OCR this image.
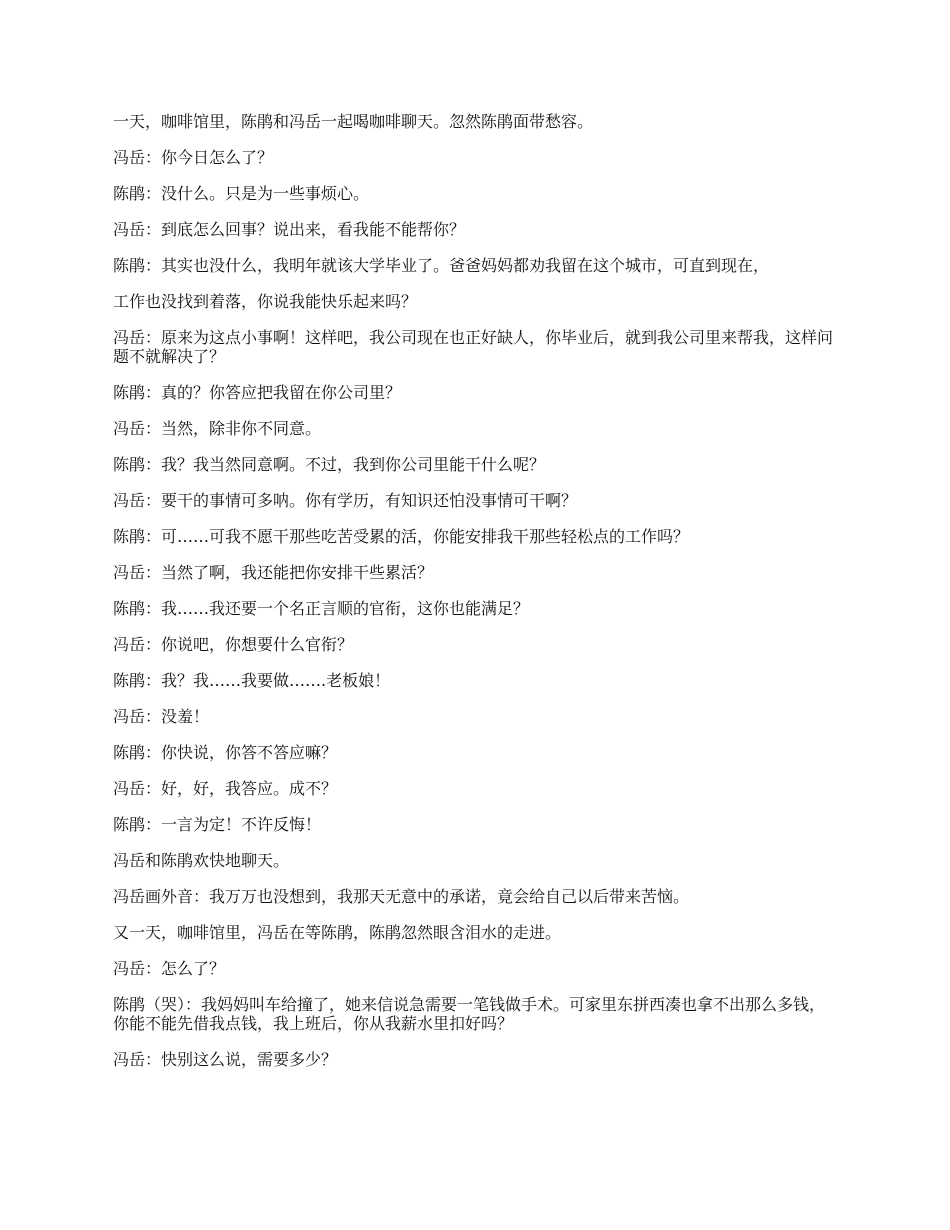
一天，咖啡馆里，陈鹃和冯岳一起喝咖啡聊天。忽然陈鹃面带愁容。

冯岳：你今日怎么了？

陈鹃：没什么。只是为一些事烦心。

冯岳：到底怎么回事？说出来，看我能不能帮你？

陈鹃：其实也没什么，我明年就该大学毕业了。爸爸妈妈都劝我留在这个城市，可直到现在，

工作也没找到着落，你说我能快乐起来吗？

冯岳：原来为这点小事啊！这样吧，我公司现在也正好缺人，你毕业后，就到我公司里来帮我，这样问题不就解决了？

陈鹃：真的？你答应把我留在你公司里？

冯岳：当然，除非你不同意。

陈鹃：我？我当然同意啊。不过，我到你公司里能干什么呢？

冯岳：要干的事情可多呐。你有学历，有知识还怕没事情可干啊？

陈鹃：可……可我不愿干那些吃苦受累的活，你能安排我干那些轻松点的工作吗？

冯岳：当然了啊，我还能把你安排干些累活？

陈鹃：我……我还要一个名正言顺的官衔，这你也能满足？

冯岳：你说吧，你想要什么官衔？

陈鹃：我？我……我要做…….老板娘！

冯岳：没羞！

陈鹃：你快说，你答不答应嘛？

冯岳：好，好，我答应。成不？

陈鹃：一言为定！不许反悔！

冯岳和陈鹃欢快地聊天。

冯岳画外音：我万万也没想到，我那天无意中的承诺，竟会给自己以后带来苦恼。

又一天，咖啡馆里，冯岳在等陈鹃，陈鹃忽然眼含泪水的走进。

冯岳：怎么了？

陈鹃（哭）：我妈妈叫车给撞了，她来信说急需要一笔钱做手术。可家里东拼西凑也拿不出那么多钱，你能不能先借我点钱，我上班后，你从我薪水里扣好吗？

冯岳：快别这么说，需要多少？
